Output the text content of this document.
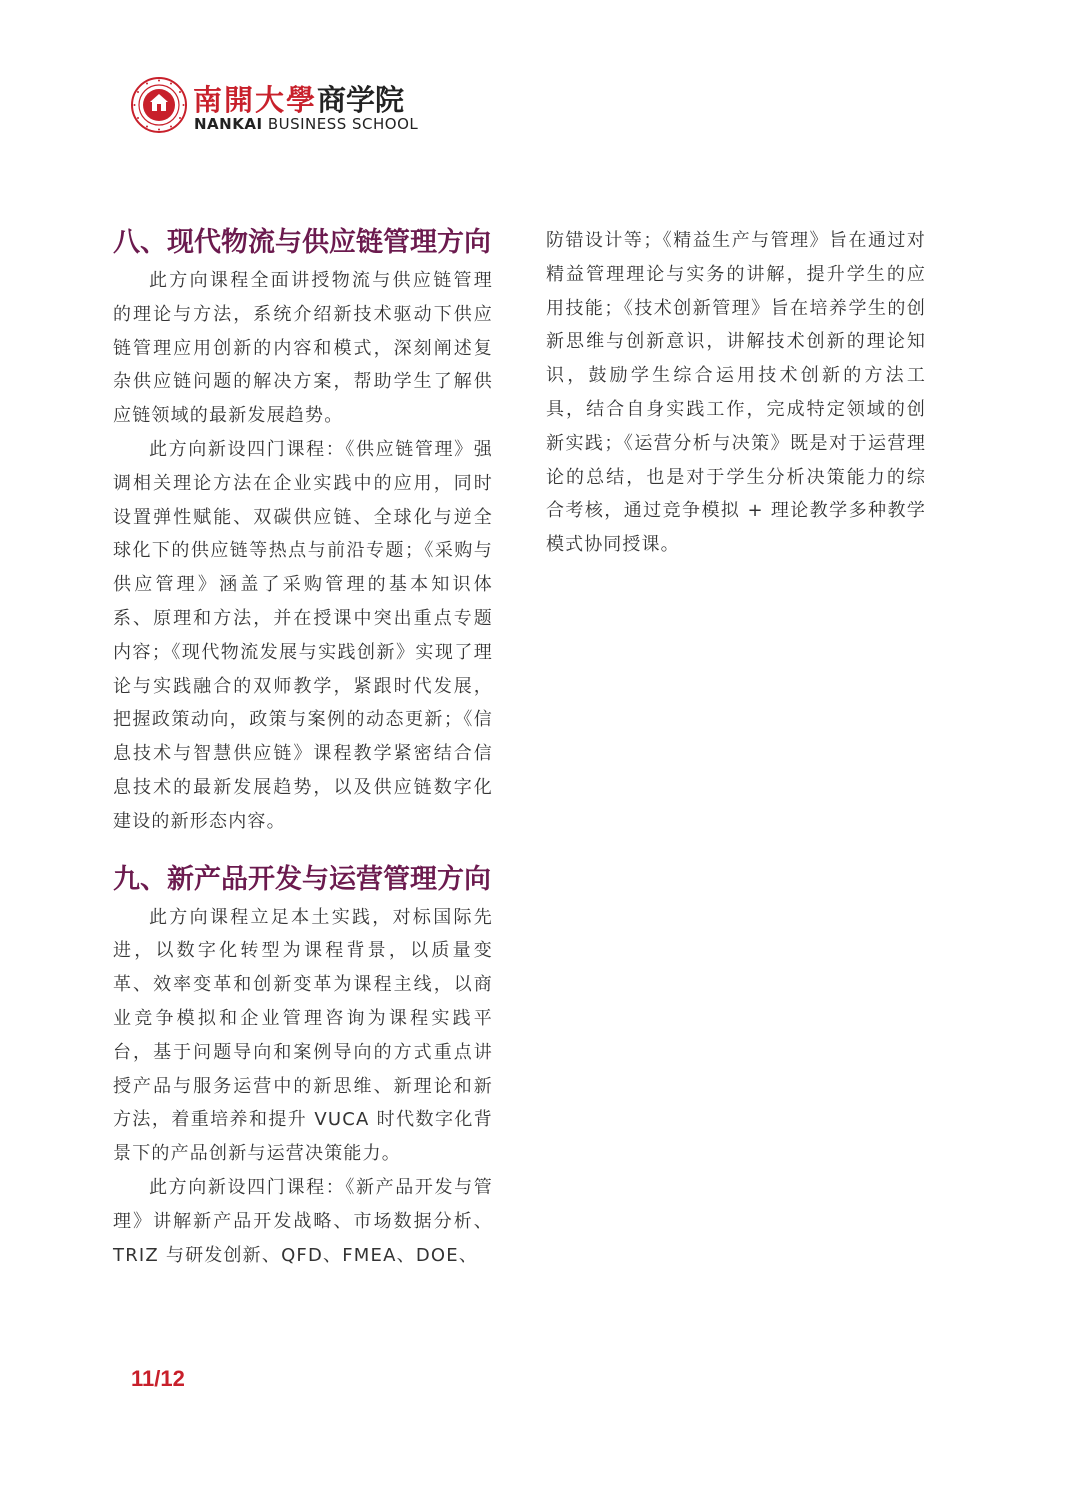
南開大學商学院
NANKAI BUSINESS SCHOOL
八、现代物流与供应链管理方向

此方向课程全面讲授物流与供应链管理的理论与方法，系统介绍新技术驱动下供应链管理应用创新的内容和模式，深刻阐述复杂供应链问题的解决方案，帮助学生了解供应链领域的最新发展趋势。

此方向新设四门课程：《供应链管理》强调相关理论方法在企业实践中的应用，同时设置弹性赋能、双碳供应链、全球化与逆全球化下的供应链等热点与前沿专题；《采购与供应管理》涵盖了采购管理的基本知识体系、原理和方法，并在授课中突出重点专题内容；《现代物流发展与实践创新》实现了理论与实践融合的双师教学，紧跟时代发展，把握政策动向，政策与案例的动态更新；《信息技术与智慧供应链》课程教学紧密结合信息技术的最新发展趋势，以及供应链数字化建设的新形态内容。

九、新产品开发与运营管理方向

此方向课程立足本土实践，对标国际先进，以数字化转型为课程背景，以质量变革、效率变革和创新变革为课程主线，以商业竞争模拟和企业管理咨询为课程实践平台，基于问题导向和案例导向的方式重点讲授产品与服务运营中的新思维、新理论和新方法，着重培养和提升 VUCA 时代数字化背景下的产品创新与运营决策能力。

此方向新设四门课程：《新产品开发与管理》讲解新产品开发战略、市场数据分析、TRIZ 与研发创新、QFD、FMEA、DOE、

防错设计等；《精益生产与管理》旨在通过对精益管理理论与实务的讲解，提升学生的应用技能；《技术创新管理》旨在培养学生的创新思维与创新意识，讲解技术创新的理论知识，鼓励学生综合运用技术创新的方法工具，结合自身实践工作，完成特定领域的创新实践；《运营分析与决策》既是对于运营理论的总结，也是对于学生分析决策能力的综合考核，通过竞争模拟 + 理论教学多种教学模式协同授课。

11/12
